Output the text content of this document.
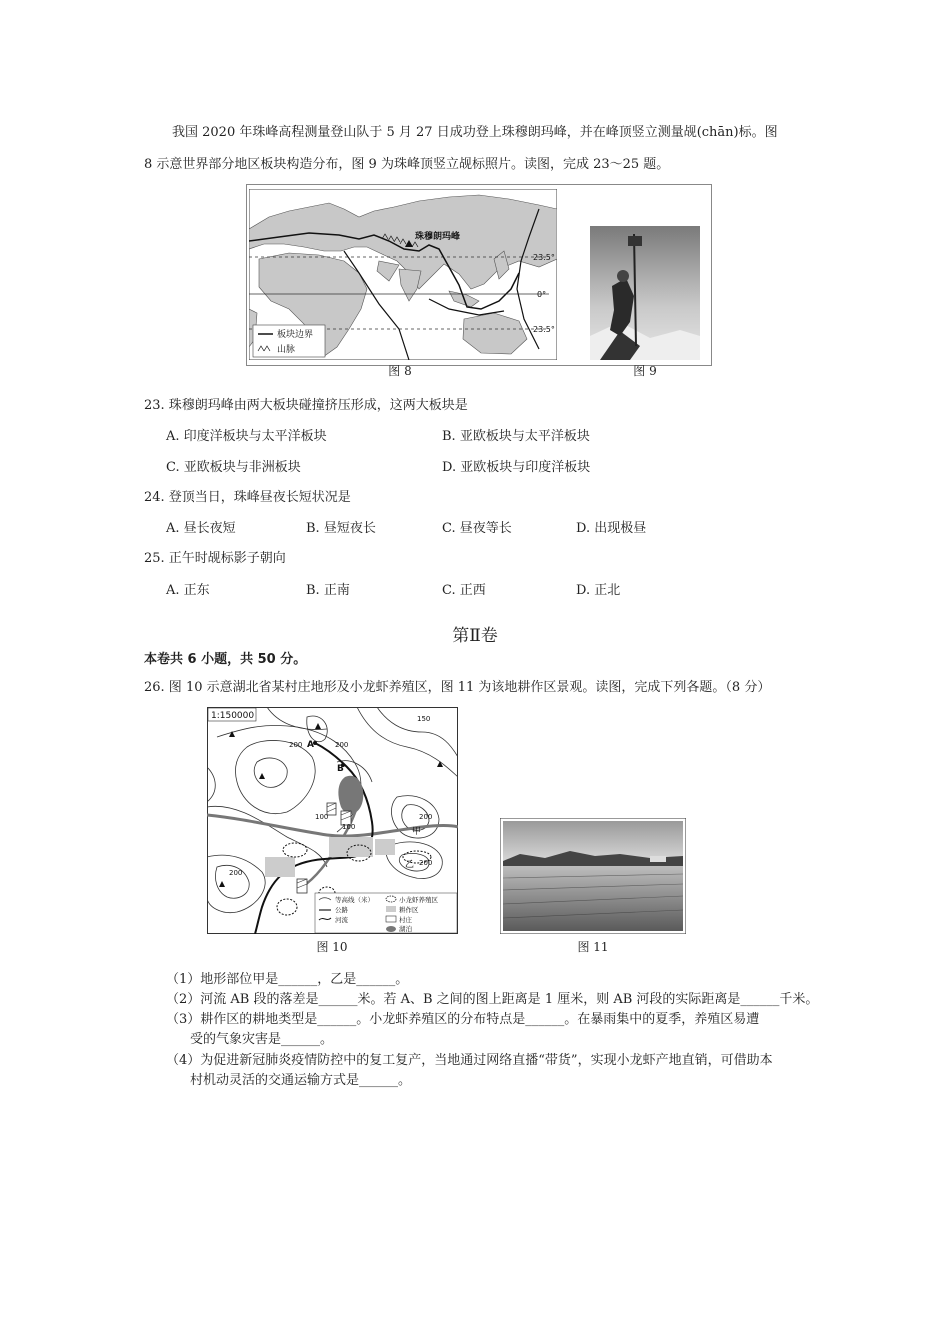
我国 2020 年珠峰高程测量登山队于 5 月 27 日成功登上珠穆朗玛峰，并在峰顶竖立测量觇(chān)标。图
8 示意世界部分地区板块构造分布，图 9 为珠峰顶竖立觇标照片。读图，完成 23～25 题。
珠穆朗玛峰
23.5°
0°
23.5°
板块边界
山脉
图 8	图 9
23. 珠穆朗玛峰由两大板块碰撞挤压形成，这两大板块是
A. 印度洋板块与太平洋板块	B. 亚欧板块与太平洋板块
C. 亚欧板块与非洲板块	D. 亚欧板块与印度洋板块
24. 登顶当日，珠峰昼夜长短状况是
A. 昼长夜短	B. 昼短夜长	C. 昼夜等长	D. 出现极昼
25. 正午时觇标影子朝向
A. 正东	B. 正南	C. 正西	D. 正北
第Ⅱ卷
本卷共 6 小题，共 50 分。
26. 图 10 示意湖北省某村庄地形及小龙虾养殖区，图 11 为该地耕作区景观。读图，完成下列各题。（8 分）
1:150000
A
B
甲
乙
150
200
200
200
200
200
100
100
等高线（米）
公路
河流
小龙虾养殖区
耕作区
村庄
湖泊
图 10	图 11
（1）地形部位甲是______，乙是______。
（2）河流 AB 段的落差是______米。若 A、B 之间的图上距离是 1 厘米，则 AB 河段的实际距离是______千米。
（3）耕作区的耕地类型是______。小龙虾养殖区的分布特点是______。在暴雨集中的夏季，养殖区易遭
受的气象灾害是______。
（4）为促进新冠肺炎疫情防控中的复工复产，当地通过网络直播“带货”，实现小龙虾产地直销，可借助本
村机动灵活的交通运输方式是______。
